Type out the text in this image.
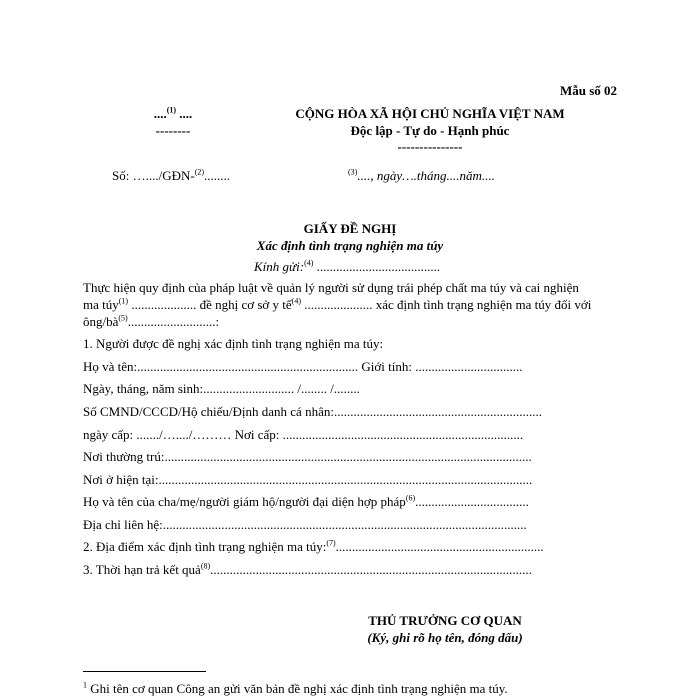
Mẫu số 02
....$^{(1)}$ ....
--------
CỘNG HÒA XÃ HỘI CHỦ NGHĨA VIỆT NAM
Độc lập - Tự do - Hạnh phúc
---------------
Số: …..../GĐN-$^{(2)}$........	$^{(3)}$...., ngày….tháng....năm....
GIẤY ĐỀ NGHỊ
Xác định tình trạng nghiện ma túy
Kính gửi:$^{(4)}$ ......................................
Thực hiện quy định của pháp luật về quản lý người sử dụng trái phép chất ma túy và cai nghiện
ma túy$^{(1)}$ .................... đề nghị cơ sở y tế$^{(4)}$ ..................... xác định tình trạng nghiện ma túy đối với
ông/$bà^{(5)}$...........................:
1. Người được đề nghị xác định tình trạng nghiện ma túy:
Họ và tên:.................................................................... Giới tính: .................................
Ngày, tháng, năm sinh:............................ /........ /........
Số CMND/CCCD/Hộ chiếu/Định danh cá nhân:................................................................
ngày cấp: ......./…..../……… Nơi cấp: ..........................................................................
Nơi thường trú:.................................................................................................................
Nơi ở hiện tại:...................................................................................................................
Họ và tên của cha/mẹ/người giám hộ/người đại diện hợp pháp$^{(6)}$...................................
Địa chỉ liên hệ:................................................................................................................
2. Địa điểm xác định tình trạng nghiện ma túy:$^{(7)}$................................................................
3. Thời hạn trả kết quả$^{(8)}$...................................................................................................
THỦ TRƯỞNG CƠ QUAN
(Ký, ghi rõ họ tên, đóng dấu)
$^1$ Ghi tên cơ quan Công an gửi văn bản đề nghị xác định tình trạng nghiện ma túy.
